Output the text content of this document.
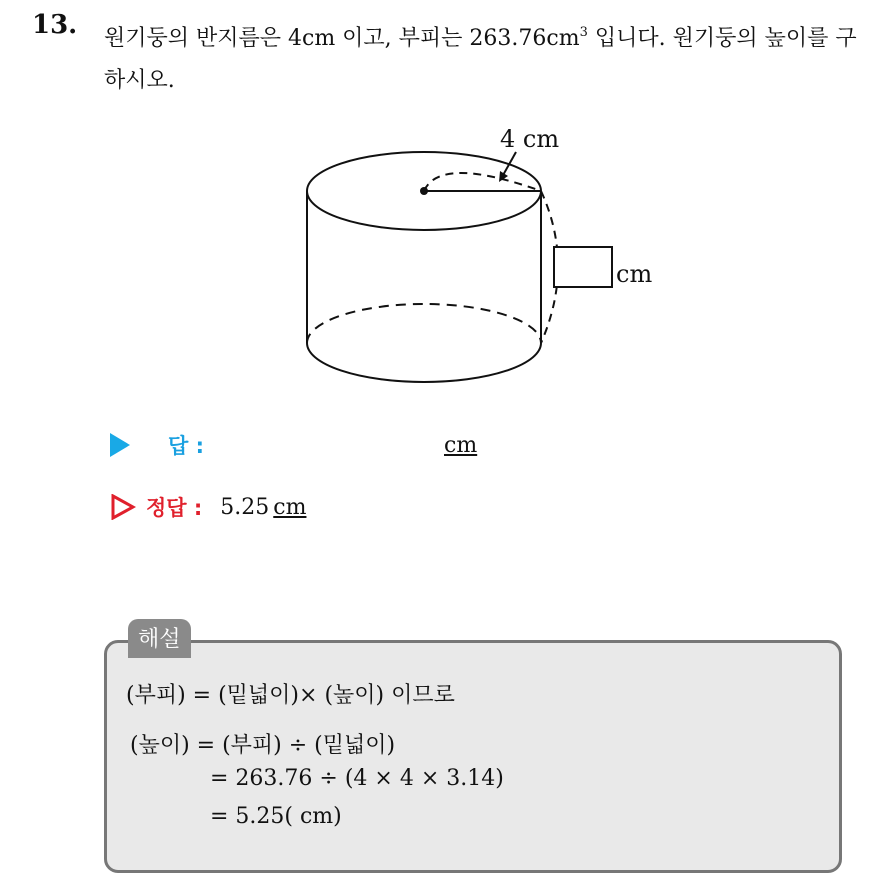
13. 원기둥의 반지름은 4cm 이고, 부피는 $263.76cm^3$ 입니다. 원기둥의 높이를 구하시오.
4 cm
cm
답 :	cm
정답 : 5.25 cm
해설
(부피) = (밑넓이)× (높이) 이므로
(높이) = (부피) ÷ (밑넓이)
= 263.76 ÷ (4 × 4 × 3.14)
= 5.25( cm)
